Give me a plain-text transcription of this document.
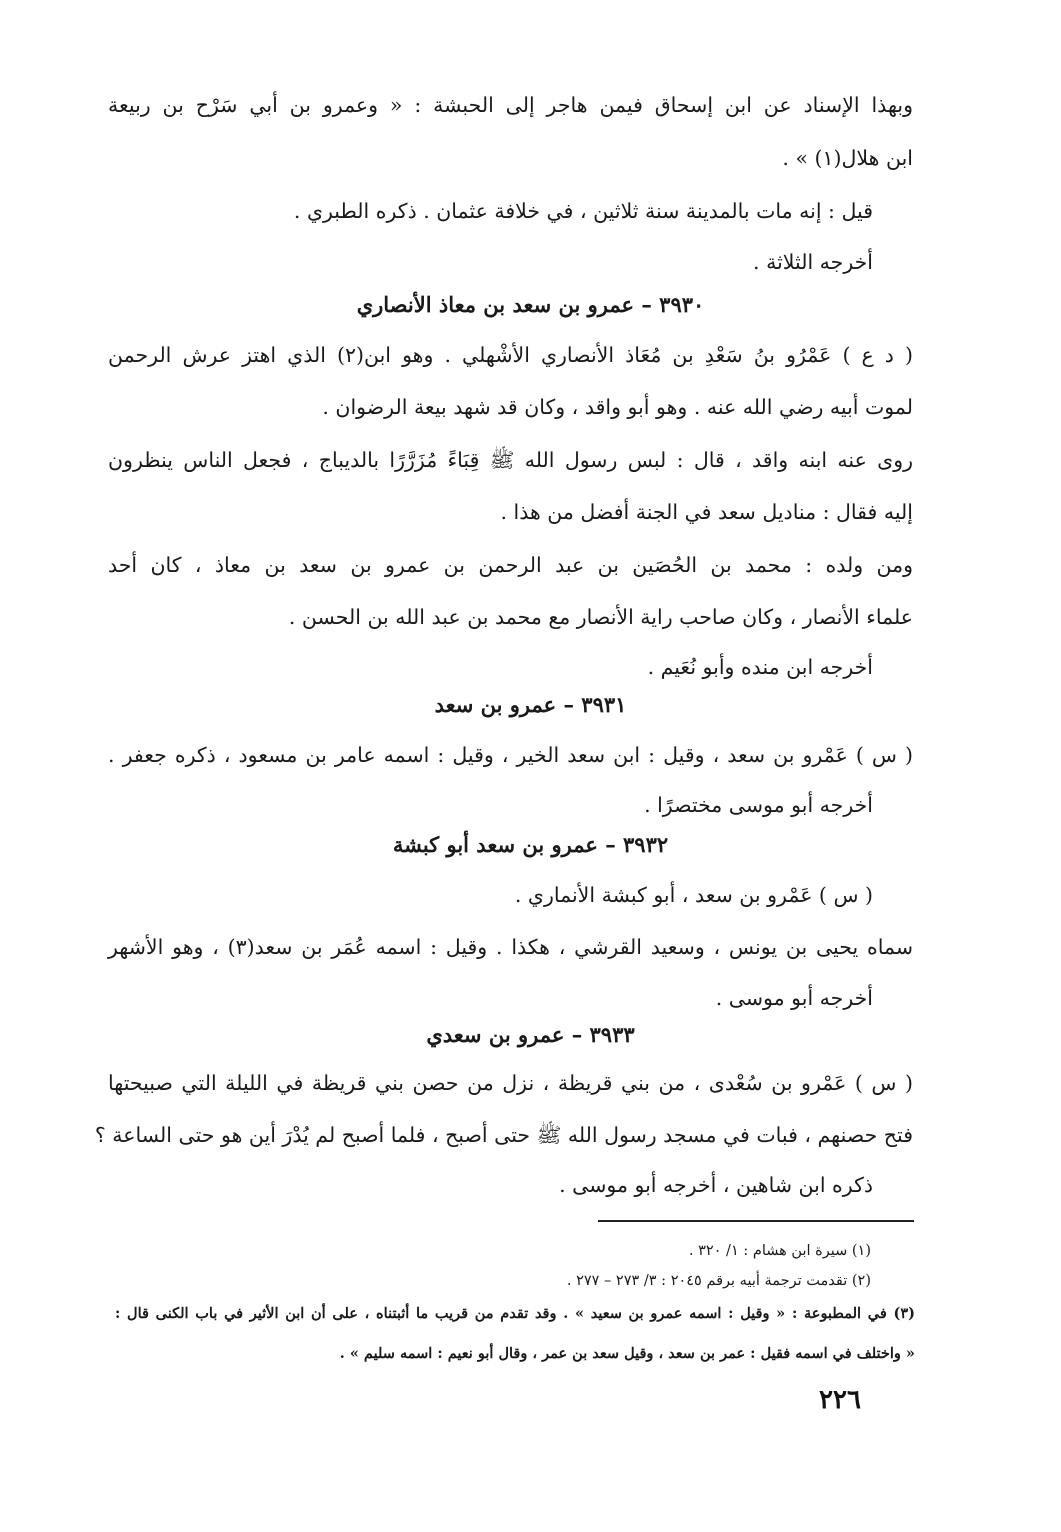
وبهذا الإسناد عن ابن إسحاق فيمن هاجر إلى الحبشة : « وعمرو بن أبي سَرْح بن ربيعة
ابن هلال(١) » .
قيل : إنه مات بالمدينة سنة ثلاثين ، في خلافة عثمان . ذكره الطبري .
أخرجه الثلاثة .
٣٩٣٠ – عمرو بن سعد بن معاذ الأنصاري
( د ع ) عَمْرُو بنُ سَعْدِ بن مُعَاذ الأنصاري الأشْهلي . وهو ابن(٢) الذي اهتز عرش الرحمن
لموت أبيه رضي الله عنه . وهو أبو واقد ، وكان قد شهد بيعة الرضوان .
روى عنه ابنه واقد ، قال : لبس رسول الله ﷺ قِبَاءً مُزَرَّرًا بالديباج ، فجعل الناس ينظرون
إليه فقال : مناديل سعد في الجنة أفضل من هذا .
ومن ولده : محمد بن الحُصَين بن عبد الرحمن بن عمرو بن سعد بن معاذ ، كان أحد
علماء الأنصار ، وكان صاحب راية الأنصار مع محمد بن عبد الله بن الحسن .
أخرجه ابن منده وأبو نُعَيم .
٣٩٣١ – عمرو بن سعد
( س ) عَمْرو بن سعد ، وقيل : ابن سعد الخير ، وقيل : اسمه عامر بن مسعود ، ذكره جعفر .
أخرجه أبو موسى مختصرًا .
٣٩٣٢ – عمرو بن سعد أبو كبشة
( س ) عَمْرو بن سعد ، أبو كبشة الأنماري .
سماه يحيى بن يونس ، وسعيد القرشي ، هكذا . وقيل : اسمه عُمَر بن سعد(٣) ، وهو الأشهر
أخرجه أبو موسى .
٣٩٣٣ – عمرو بن سعدي
( س ) عَمْرو بن سُعْدى ، من بني قريظة ، نزل من حصن بني قريظة في الليلة التي صبيحتها
فتح حصنهم ، فبات في مسجد رسول الله ﷺ حتى أصبح ، فلما أصبح لم يُدْرَ أين هو حتى الساعة ؟
ذكره ابن شاهين ، أخرجه أبو موسى .
(١) سيرة ابن هشام : ١/ ٣٢٠ .
(٢) تقدمت ترجمة أبيه برقم ٢٠٤٥ : ٣/ ٢٧٣ – ٢٧٧ .
(٣) في المطبوعة : « وقيل : اسمه عمرو بن سعيد » . وقد تقدم من قريب ما أثبتناه ، على أن ابن الأثير في باب الكنى قال :
« واختلف في اسمه فقيل : عمر بن سعد ، وقيل سعد بن عمر ، وقال أبو نعيم : اسمه سليم » .
٢٢٦
